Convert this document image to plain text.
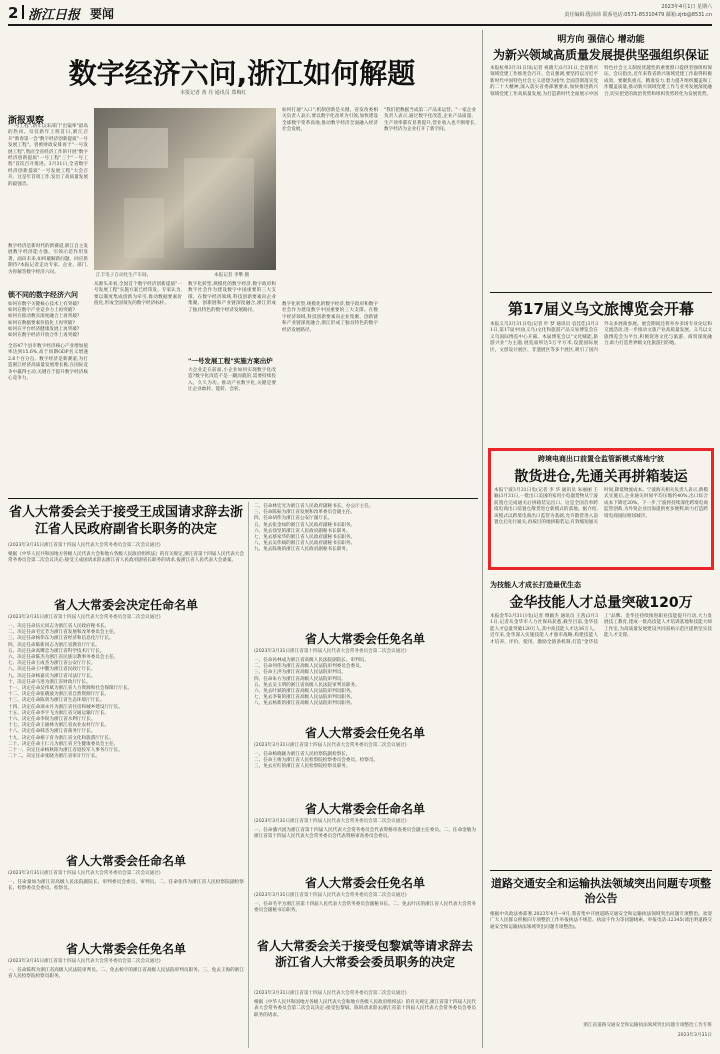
2 浙江日报 要闻	2023年4月1日 星期六
责任编辑:殷沛沛 联系电话:0571-85310479 邮箱:zjrb@8531.cn
数字经济六问,浙江如何解题
本报记者 黄 丹 通讯员 郑梅红
浙报观察
"一号工程",新年以来部门"出镜率"最高的热词。仅仅新年上班首日,浙江召开"新春第一会"数字经济创新提质"一号发展工程"。曾被财政安排再于"一号发展工程",然而全省经济工作的开展"数字经济创新提质"一号工程"三个"一号工程"首次召开推进。3月31日,全省数字经济创新提质"一号发展工程"大会召开。这是年首项工作,发出了高质量发展的最强音。
数字经济是新时代的新赛道,浙江自主发展数字经济能力强、引领示范作用显著。面向未来,如何破解新问题、回应新期待?本报记者走访专家、企业、部门,为你解答数字经济六问。
锁不同的数字经济六问
如何在数字关键核心技术上有突破?
如何在数字产业竞争力上再突破?
如何在推动数实深度融合上再突破?
如何在数据要素价值化上再突破?
如何在平台经济健康发展上再突破?
如何在数字经济开放合作上再突破?
全省47个县市数字经济核心产业增加值率达到15.6%,高于同期GDP名义增速2.6个百分点。数字经济是新赛道,为打造浙江经济高质量发展增长极,在国际竞争中赢得主动,关键在于提升数字经济核心竞争力。
江丰电子自动化生产车间。	本报记者 李攀 摄
从源头来看,全国首个数字经济创新提质"一号发展工程"实施方案已经印发。专家认为,要以制度集成创新为牵引,推动数据要素价值化,形成全国领先的数字经济标杆。
数字化转型,规模化的数字经济,数字政府和数字社会作为建设数字中国重要的三大支撑。在数字经济领域,科技创新要素向企业集聚、创新链和产业链深度融合,浙江形成了独具特色的数字经济发展路径。
"一号发展工程"实施方案出炉
大企业走在前面,小企业如何实现数字化改造?数字化改造不是一蹴而就的,需要持续投入、久久为功。推动产业数字化,关键是要让企业敢转、能转、会转。
如何打通"入口",机制创新是关键。省发改委相关负责人表示,要以数字化改革为引领,加快建设全球数字变革高地,推动数字经济全面融入经济社会发展。
"我们把数据当成第二产品来运营。"一家企业负责人表示,通过数字化改造,企业产品质量、生产效率都有显著提升,营业收入也不断增长,数字经济为企业打开了新空间。
数字化转型,规模化的数字经济,数字政府和数字社会作为建设数字中国重要的三大支撑。在数字经济领域,科技创新要素向企业集聚、创新链和产业链深度融合,浙江形成了独具特色的数字经济发展路径。
明方向 强信心 增动能
为新兴领域高质量发展提供坚强组织保证
本报杭州3月31日讯(记者 祝晓天)3月31日,全省新兴领域党建工作推进会召开。会议强调,要坚持以习近平新时代中国特色社会主义思想为指导,全面贯彻落实党的二十大精神,深入落实省委部署要求,加快推进新兴领域党建工作高质量发展,为打造新时代全面展示中国特色社会主义制度优越性的重要窗口提供坚强组织保证。会议指出,近年来我省新兴领域党建工作取得积极成效。要聚焦重点、精准发力,着力提升组织覆盖和工作覆盖质量,推动新兴领域党建工作与业务发展深度融合,切实把党的政治优势和组织优势转化为发展优势。
第17届义乌文旅博览会开幕
本报义乌3月31日电(记者 叶 梦 通讯员 袁佳佳)3月31日,第17届中国(义乌)文化和旅游产品交易博览会在义乌国际博览中心开幕。本届博览会以"文化赋能,旅游兴业"为主题,展览面积达5万平方米,设置国际展区、文创设计展区、非遗展区等多个展区,吸引了国内外众多展商参展。展会期间还将举办多场专业论坛和交流活动,进一步推动文旅产业高质量发展。义乌以文旅博览会为平台,积极促进文化与旅游、商贸深度融合,助力打造世界级文化旅游目的地。
跨境电商出口前置仓监管新模式落地宁波
散货进仓,先通关再拼箱装运
本报宁波3月31日电(记者 李 华 通讯员 朱丽丽 王 颖)3月31日,一批出口美国的家用小电器货物从宁波前置仓完成通关后拼箱装运出口。这是全国首单跨境电商出口前置仓散货进仓新模式的落地。据介绍,该模式以跨境电商出口监管为基础,允许散货进入前置仓后先行通关,再按目的地拼箱装运,有效缩短通关时间,降低物流成本。宁波海关相关负责人表示,新模式实施后,企业通关时间平均压缩约40%,出口综合成本下降近20%。下一步,宁波将持续深化跨境电商监管创新,为外贸企业出海提供更多便利,助力打造跨境电商国际枢纽城市。
为技能人才成长打造最优生态
金华技能人才总量突破120万
本报金华3月31日电(记者 傅颖杰 通讯员 王茜)3月31日,记者从金华市人力社保局获悉,截至目前,金华技能人才总量突破120万人,其中高技能人才达36万人。近年来,金华深入实施技能人才强市战略,构建技能人才培养、评价、使用、激励全链条机制,打造"金华技工"品牌。金华还持续推进职业技能提升行动,大力发展技工教育,建成一批高技能人才培训基地和技能大师工作室,为高质量发展建设共同富裕示范区提供坚实技能人才支撑。
道路交通安全和运输执法领域突出问题专项整治公告
根据中央政法委部署,2023年4月—9月,我省集中开展道路交通安全和运输执法领域突出问题专项整治。欢迎广大人民群众积极向专项整治工作举报执法不规范、执法不作为等问题线索。举报电话:12345(请注明道路交通安全和运输执法领域突出问题专项整治)。
浙江省道路交通安全和运输执法领域突出问题专项整治工作专班
2023年3月31日
省人大常委会关于接受王成国请求辞去浙江省人民政府副省长职务的决定
(2023年3月31日浙江省第十四届人民代表大会常务委员会第二次会议通过)
根据《中华人民共和国地方各级人民代表大会和地方各级人民政府组织法》的有关规定,浙江省第十四届人民代表大会常务委员会第二次会议决定:接受王成国请求辞去浙江省人民政府副省长职务的请求,报浙江省人民代表大会备案。
省人大常委会决定任命名单
(2023年3月31日浙江省第十四届人民代表大会常务委员会第二次会议通过)
一、决定任命伍元同志为浙江省人民政府秘书长。
二、决定任命毛宏芳为浙江省发展和改革委员会主任。
三、决定任命杨伟东为浙江省经济和信息化厅厅长。
四、决定任命陈新同志为浙江省教育厅厅长。
五、决定任命高鹰忠为浙江省科学技术厅厅长。
六、决定任命陈杰为浙江省民族宗教事务委员会主任。
七、决定任命王成杰为浙江省公安厅厅长。
八、决定任命王中鳌为浙江省民政厅厅长。
九、决定任命杨嘉宾为浙江省司法厅厅长。
十、决定任命马进为浙江省财政厅厅长。
十一、决定任命吴伟斌为浙江省人力资源和社会保障厅厅长。
十二、决定任命张晓波为浙江省自然资源厅厅长。
十三、决定任命陈勇为浙江省生态环境厅厅长。
十四、决定任命项永丹为浙江省住房和城乡建设厅厅长。
十五、决定任命李宇飞为浙江省交通运输厅厅长。
十六、决定任命李锐为浙江省水利厅厅长。
十七、决定任命王通林为浙江省农业农村厅厅长。
十八、决定任命韩杰为浙江省商务厅厅长。
十九、决定任命褚子育为浙江省文化和旅游厅厅长。
二十、决定任命王仁元为浙江省卫生健康委员会主任。
二十一、决定任命杨秋阳为浙江省退役军人事务厅厅长。
二十二、决定任命张晓为浙江省审计厅厅长。
省人大常委会任命名单
(2023年3月31日浙江省第十四届人民代表大会常务委员会第二次会议通过)
一、任命秦如为浙江省高级人民法院副院长、审判委员会委员、审判员。二、任命张伟为浙江省人民检察院副检察长、检察委员会委员、检察员。
省人大常委会任免名单
(2023年3月31日浙江省第十四届人民代表大会常务委员会第二次会议通过)
一、任命陈辉为浙江省高级人民法院审判员。二、免去杨宇的浙江省高级人民法院审判员职务。三、免去王海的浙江省人民检察院检察员职务。
二、任命林宏光为浙江省人民政府副秘书长、办公厅主任。
三、任命陈振为浙江省发展和改革委员会副主任。
四、任命胡伟为浙江省公安厅副厅长。
五、免去张金如的浙江省人民政府副秘书长职务。
六、免去徐坚的浙江省人民政府副秘书长职务。
七、免去蔡家华的浙江省人民政府副秘书长职务。
八、免去吴伟斌的浙江省人民政府副秘书长职务。
九、免去陈俊的浙江省人民政府副秘书长职务。
省人大常委会任免名单
(2023年3月31日浙江省第十四届人民代表大会常务委员会第二次会议通过)
一、任命孙林成为浙江省高级人民法院副院长、审判员。
二、任命何伟为浙江省高级人民法院审判委员会委员。
三、任命王洪为浙江省高级人民法院审判员。
四、任命朱方为浙江省高级人民法院审判员。
五、免去吴玉明的浙江省高级人民法院审判员职务。
六、免去叶斌的浙江省高级人民法院审判员职务。
七、免去李菊的浙江省高级人民法院审判员职务。
八、免去杨新的浙江省高级人民法院审判员职务。
省人大常委会任免名单
(2023年3月31日浙江省第十四届人民代表大会常务委员会第二次会议通过)
一、任命杨晓颖为浙江省人民检察院副检察长。
二、任命王俊为浙江省人民检察院检察委员会委员、检察员。
三、免去应红的浙江省人民检察院检察员职务。
省人大常委会任命名单
(2023年3月31日浙江省第十四届人民代表大会常务委员会第二次会议通过)
一、任命潘兴国为浙江省第十四届人民代表大会常务委员会代表资格审查委员会副主任委员。二、任命金敏为浙江省第十四届人民代表大会常务委员会代表资格审查委员会委员。
省人大常委会任免名单
(2023年3月31日浙江省第十四届人民代表大会常务委员会第二次会议通过)
一、任命毛平为浙江省第十四届人民代表大会常务委员会副秘书长。二、免去叶庆的浙江省人民代表大会常务委员会副秘书长职务。
省人大常委会关于接受包黎斌等请求辞去浙江省人大常委会委员职务的决定
(2023年3月31日浙江省第十四届人民代表大会常务委员会第二次会议通过)
根据《中华人民共和国地方各级人民代表大会和地方各级人民政府组织法》的有关规定,浙江省第十四届人民代表大会常务委员会第二次会议决定:接受包黎斌、陈锐请求辞去浙江省第十四届人民代表大会常务委员会委员职务的请求。
